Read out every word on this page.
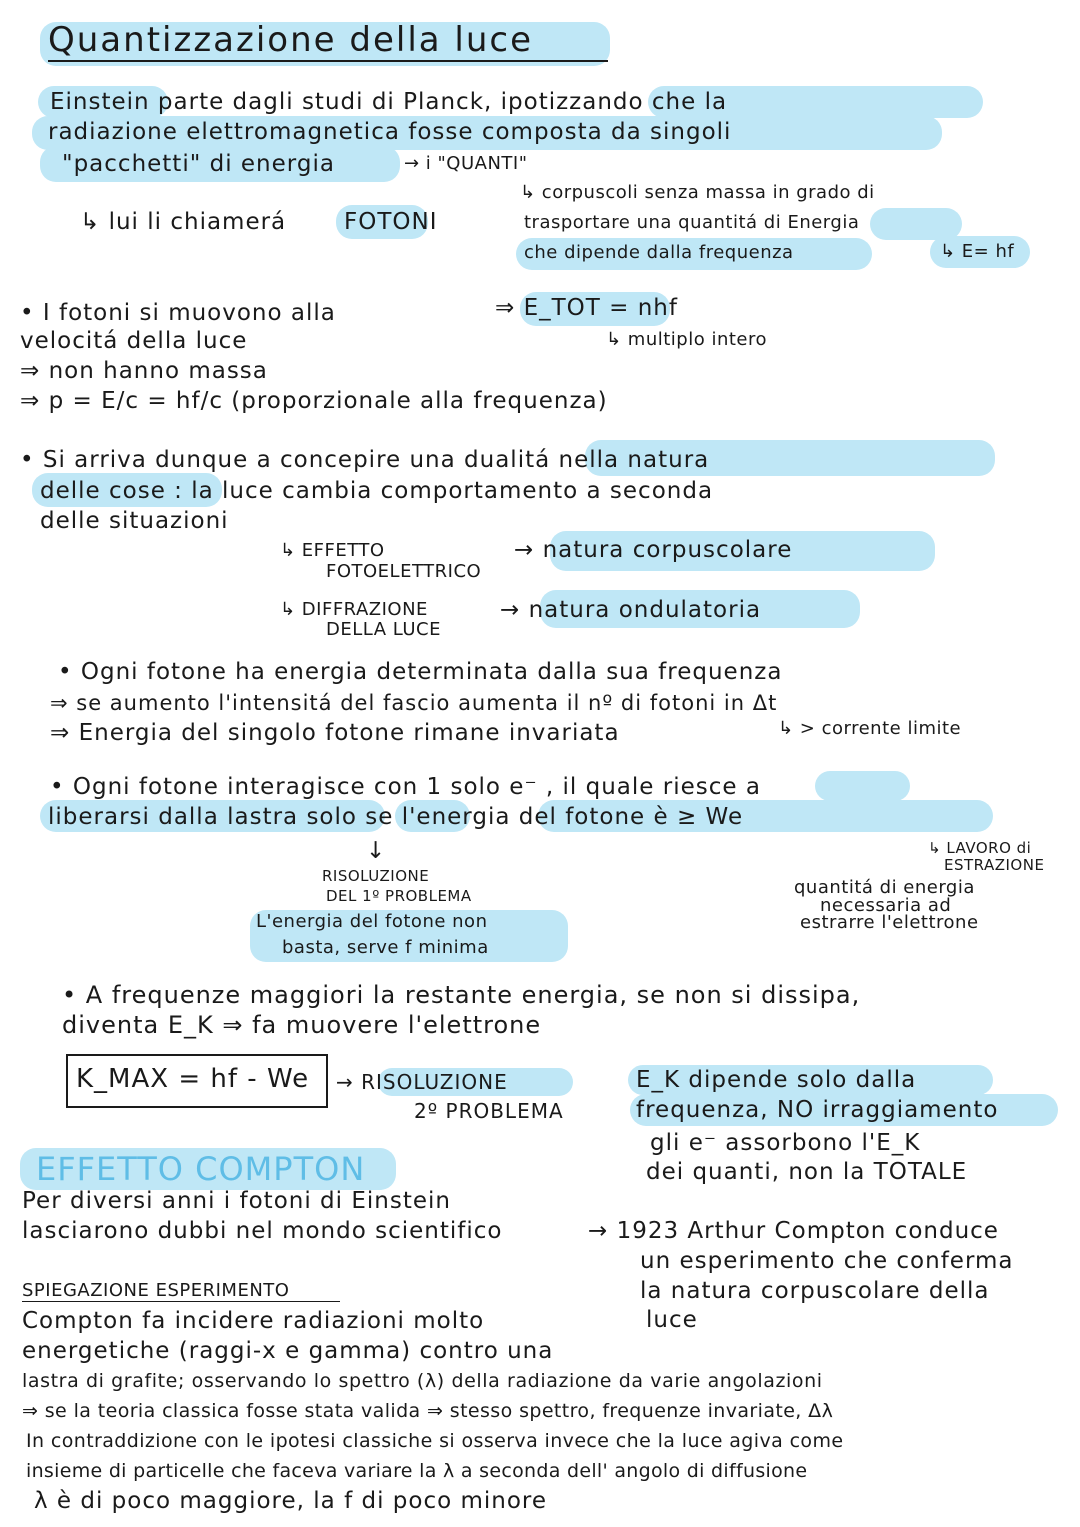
Quantizzazione della luce
Einstein parte dagli studi di Planck, ipotizzando che la
radiazione elettromagnetica fosse composta da singoli
"pacchetti" di energia	→ i "QUANTI"
↳ lui li chiamerá	FOTONI
↳ corpuscoli senza massa in grado di
trasportare una quantitá di Energia
che dipende dalla frequenza	↳ E= hf
• I fotoni si muovono alla
velocitá della luce
⇒ non hanno massa
⇒ p = E/c = hf/c (proporzionale alla frequenza)
⇒ E_TOT = nhf
↳ multiplo intero
• Si arriva dunque a concepire una dualitá nella natura
delle cose : la luce cambia comportamento a seconda
delle situazioni
↳ EFFETTO
FOTOELETTRICO
→ natura corpuscolare
↳ DIFFRAZIONE
DELLA LUCE
→ natura ondulatoria
• Ogni fotone ha energia determinata dalla sua frequenza
⇒ se aumento l'intensitá del fascio aumenta il nº di fotoni in Δt
⇒ Energia del singolo fotone rimane invariata	↳ > corrente limite
• Ogni fotone interagisce con 1 solo e⁻ , il quale riesce a
liberarsi dalla lastra solo se l'energia del fotone è ≥ We
↓	↳ LAVORO di
ESTRAZIONE
RISOLUZIONE
DEL 1º PROBLEMA
L'energia del fotone non
basta, serve f minima
quantitá di energia
necessaria ad
estrarre l'elettrone
• A frequenze maggiori la restante energia, se non si dissipa,
diventa E_K ⇒ fa muovere l'elettrone
K_MAX = hf - We → RISOLUZIONE
2º PROBLEMA
E_K dipende solo dalla
frequenza, NO irraggiamento
gli e⁻ assorbono l'E_K
dei quanti, non la TOTALE
EFFETTO COMPTON
Per diversi anni i fotoni di Einstein
lasciarono dubbi nel mondo scientifico	→ 1923 Arthur Compton conduce
un esperimento che conferma
la natura corpuscolare della
luce
SPIEGAZIONE ESPERIMENTO
Compton fa incidere radiazioni molto
energetiche (raggi-x e gamma) contro una
lastra di grafite; osservando lo spettro (λ) della radiazione da varie angolazioni
⇒ se la teoria classica fosse stata valida ⇒ stesso spettro, frequenze invariate, Δλ
In contraddizione con le ipotesi classiche si osserva invece che la luce agiva come
insieme di particelle che faceva variare la λ a seconda dell' angolo di diffusione
λ è di poco maggiore, la f di poco minore
